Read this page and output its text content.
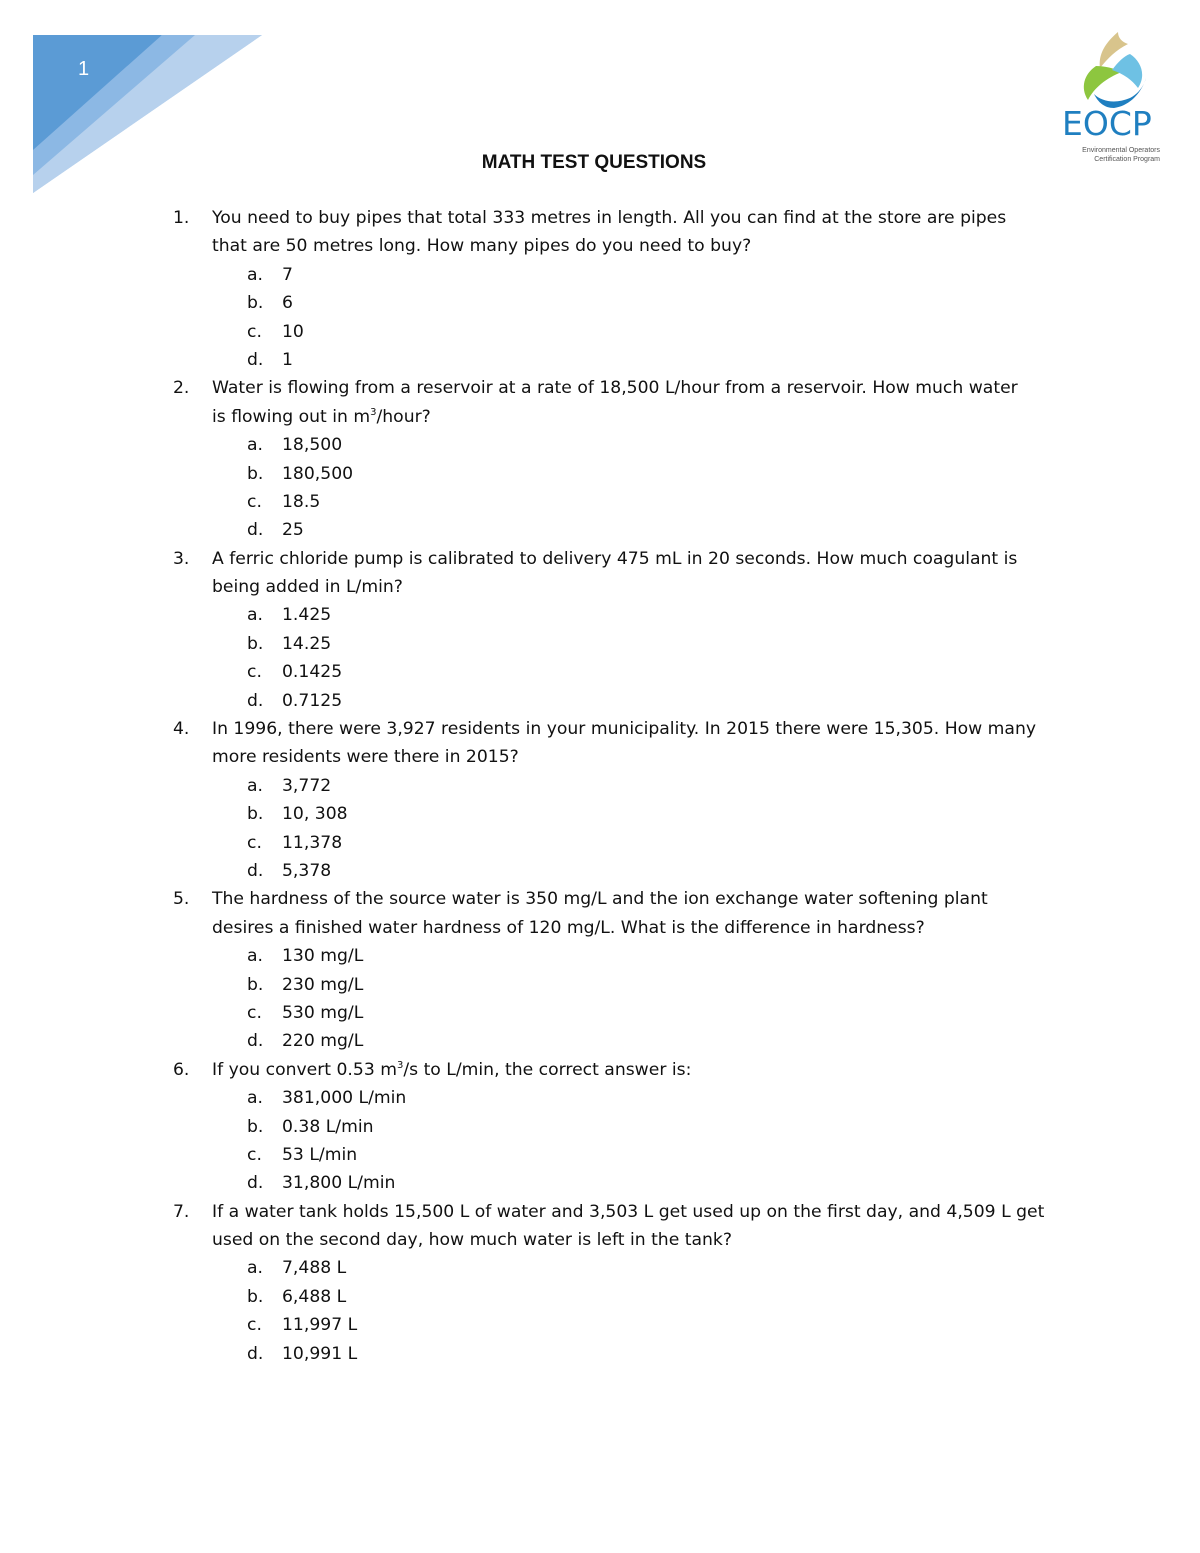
1
EOCP
Environmental Operators
Certification Program
MATH TEST QUESTIONS
1. You need to buy pipes that total 333 metres in length. All you can find at the store are pipes
that are 50 metres long. How many pipes do you need to buy?
a. 7
b. 6
c. 10
d. 1
2. Water is flowing from a reservoir at a rate of 18,500 L/hour from a reservoir. How much water
is flowing out in $m^3$/hour?
a. 18,500
b. 180,500
c. 18.5
d. 25
3. A ferric chloride pump is calibrated to delivery 475 mL in 20 seconds. How much coagulant is
being added in L/min?
a. 1.425
b. 14.25
c. 0.1425
d. 0.7125
4. In 1996, there were 3,927 residents in your municipality. In 2015 there were 15,305. How many
more residents were there in 2015?
a. 3,772
b. 10, 308
c. 11,378
d. 5,378
5. The hardness of the source water is 350 mg/L and the ion exchange water softening plant
desires a finished water hardness of 120 mg/L. What is the difference in hardness?
a. 130 mg/L
b. 230 mg/L
c. 530 mg/L
d. 220 mg/L
6. If you convert 0.53 $m^3/s$ to L/min, the correct answer is:
a. 381,000 L/min
b. 0.38 L/min
c. 53 L/min
d. 31,800 L/min
7. If a water tank holds 15,500 L of water and 3,503 L get used up on the first day, and 4,509 L get
used on the second day, how much water is left in the tank?
a. 7,488 L
b. 6,488 L
c. 11,997 L
d. 10,991 L
